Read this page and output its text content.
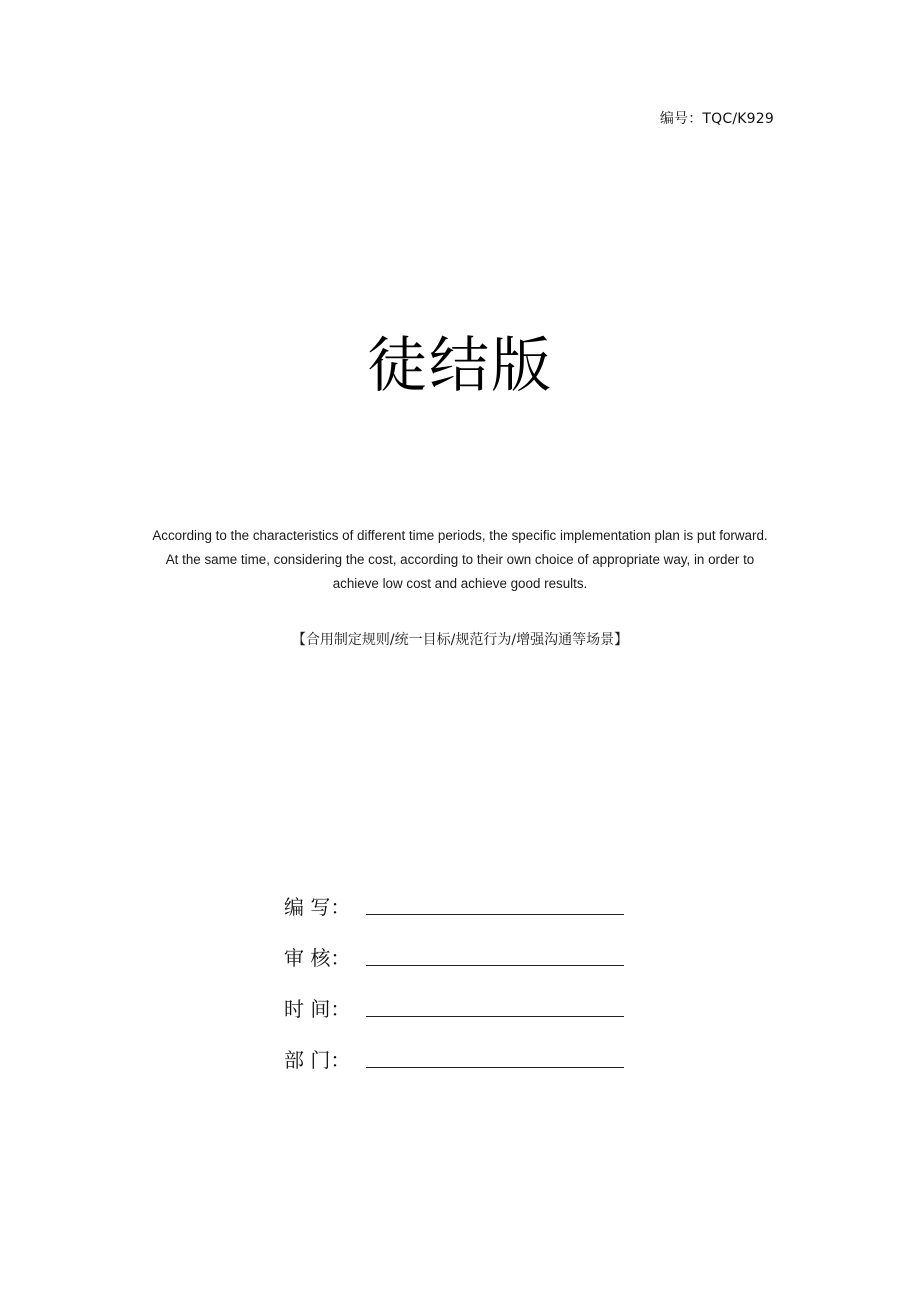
编号：TQC/K929
徒结版
According to the characteristics of different time periods, the specific implementation plan is put forward. At the same time, considering the cost, according to their own choice of appropriate way, in order to achieve low cost and achieve good results.
【合用制定规则/统一目标/规范行为/增强沟通等场景】
编 写：
审 核：
时 间：
部 门：
